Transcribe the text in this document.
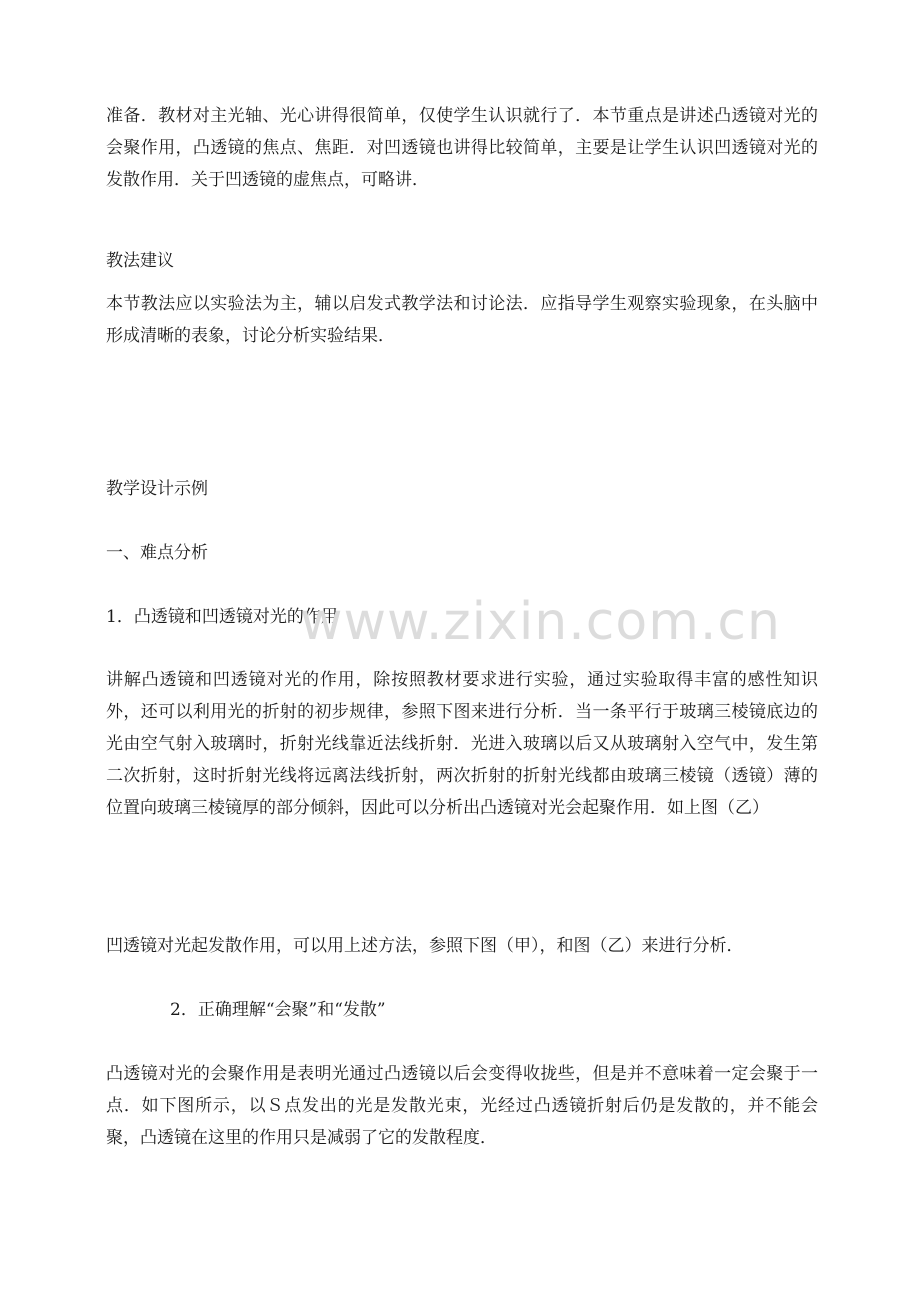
准备．教材对主光轴、光心讲得很简单，仅使学生认识就行了．本节重点是讲述凸透镜对光的会聚作用，凸透镜的焦点、焦距．对凹透镜也讲得比较简单，主要是让学生认识凹透镜对光的发散作用．关于凹透镜的虚焦点，可略讲．

教法建议

本节教法应以实验法为主，辅以启发式教学法和讨论法．应指导学生观察实验现象，在头脑中形成清晰的表象，讨论分析实验结果．

教学设计示例

一、难点分析

1．凸透镜和凹透镜对光的作用

讲解凸透镜和凹透镜对光的作用，除按照教材要求进行实验，通过实验取得丰富的感性知识外，还可以利用光的折射的初步规律，参照下图来进行分析．当一条平行于玻璃三棱镜底边的光由空气射入玻璃时，折射光线靠近法线折射．光进入玻璃以后又从玻璃射入空气中，发生第二次折射，这时折射光线将远离法线折射，两次折射的折射光线都由玻璃三棱镜（透镜）薄的位置向玻璃三棱镜厚的部分倾斜，因此可以分析出凸透镜对光会起聚作用．如上图（乙）

凹透镜对光起发散作用，可以用上述方法，参照下图（甲），和图（乙）来进行分析．

2．正确理解“会聚”和“发散”

凸透镜对光的会聚作用是表明光通过凸透镜以后会变得收拢些，但是并不意味着一定会聚于一点．如下图所示，以Ｓ点发出的光是发散光束，光经过凸透镜折射后仍是发散的，并不能会聚，凸透镜在这里的作用只是减弱了它的发散程度．

www.zixin.com.cn
